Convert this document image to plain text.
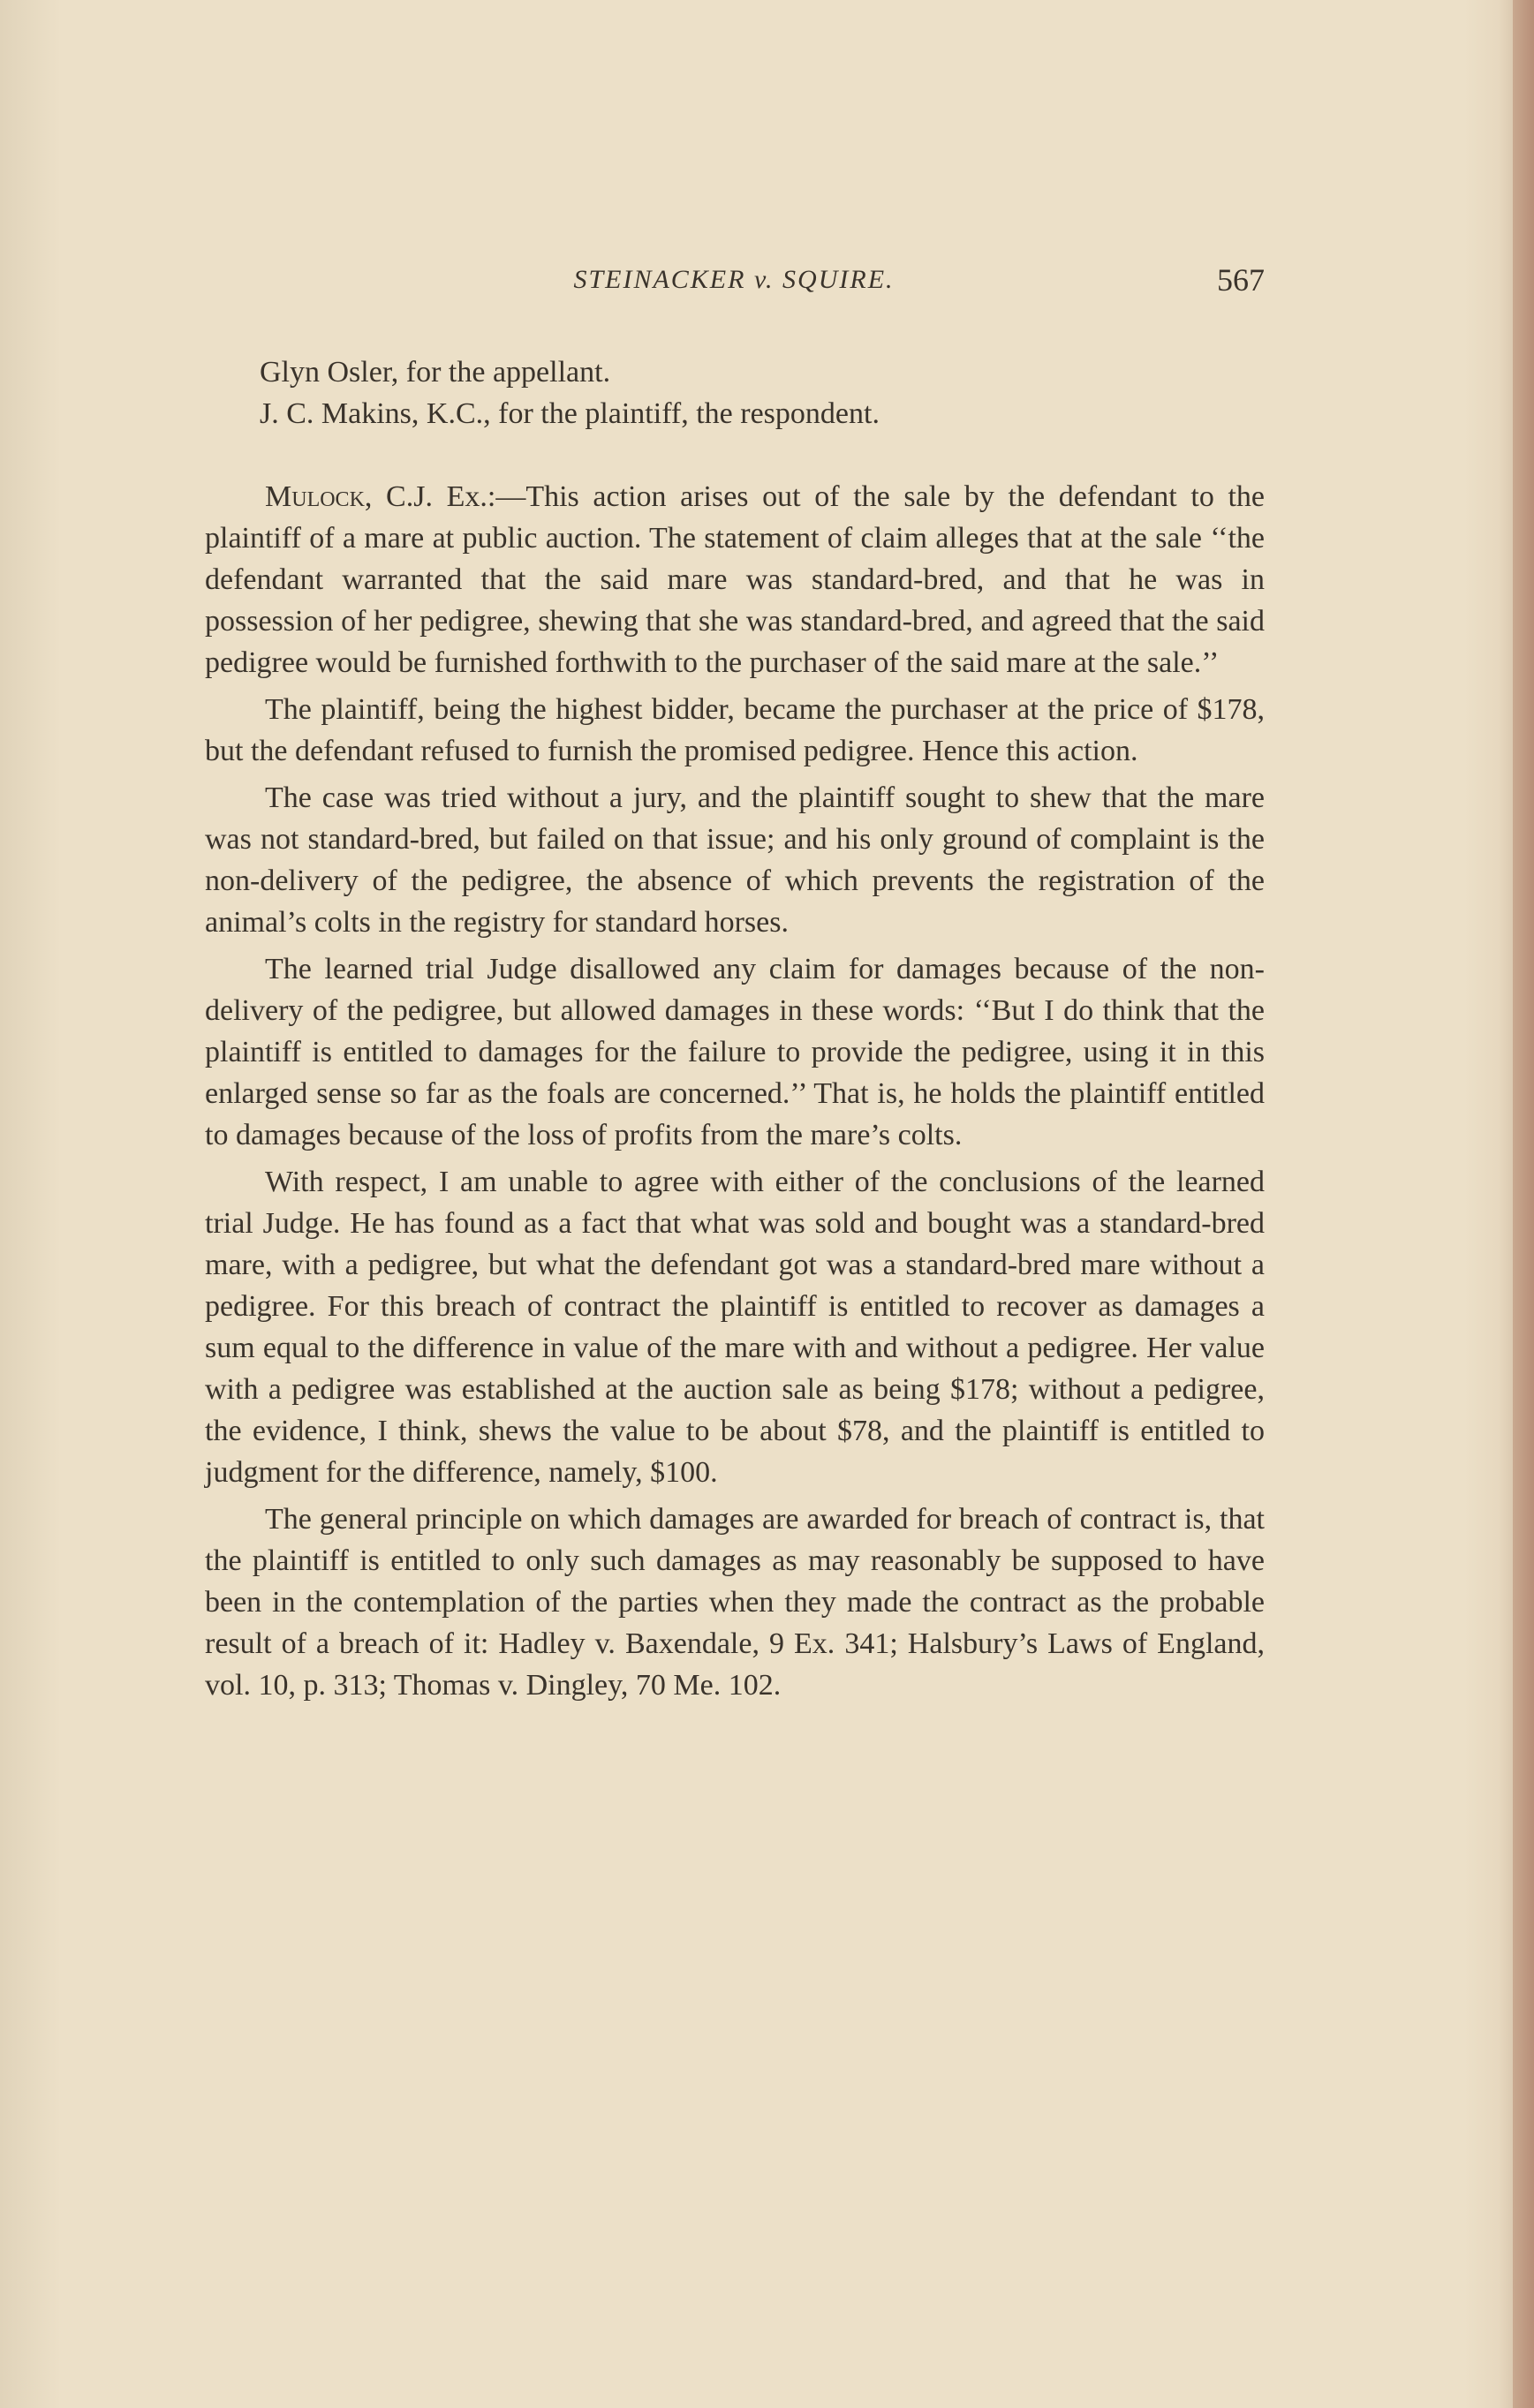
STEINACKER v. SQUIRE.	567

Glyn Osler, for the appellant.

J. C. Makins, K.C., for the plaintiff, the respondent.

Mulock, C.J. Ex.:—This action arises out of the sale by the defendant to the plaintiff of a mare at public auction. The statement of claim alleges that at the sale ‘‘the defendant warranted that the said mare was standard-bred, and that he was in possession of her pedigree, shewing that she was standard-bred, and agreed that the said pedigree would be furnished forthwith to the purchaser of the said mare at the sale.’’

The plaintiff, being the highest bidder, became the purchaser at the price of $178, but the defendant refused to furnish the promised pedigree. Hence this action.

The case was tried without a jury, and the plaintiff sought to shew that the mare was not standard-bred, but failed on that issue; and his only ground of complaint is the non-delivery of the pedigree, the absence of which prevents the registration of the animal’s colts in the registry for standard horses.

The learned trial Judge disallowed any claim for damages because of the non-delivery of the pedigree, but allowed damages in these words: ‘‘But I do think that the plaintiff is entitled to damages for the failure to provide the pedigree, using it in this enlarged sense so far as the foals are concerned.’’ That is, he holds the plaintiff entitled to damages because of the loss of profits from the mare’s colts.

With respect, I am unable to agree with either of the conclusions of the learned trial Judge. He has found as a fact that what was sold and bought was a standard-bred mare, with a pedigree, but what the defendant got was a standard-bred mare without a pedigree. For this breach of contract the plaintiff is entitled to recover as damages a sum equal to the difference in value of the mare with and without a pedigree. Her value with a pedigree was established at the auction sale as being $178; without a pedigree, the evidence, I think, shews the value to be about $78, and the plaintiff is entitled to judgment for the difference, namely, $100.

The general principle on which damages are awarded for breach of contract is, that the plaintiff is entitled to only such damages as may reasonably be supposed to have been in the contemplation of the parties when they made the contract as the probable result of a breach of it: Hadley v. Baxendale, 9 Ex. 341; Halsbury’s Laws of England, vol. 10, p. 313; Thomas v. Dingley, 70 Me. 102.
